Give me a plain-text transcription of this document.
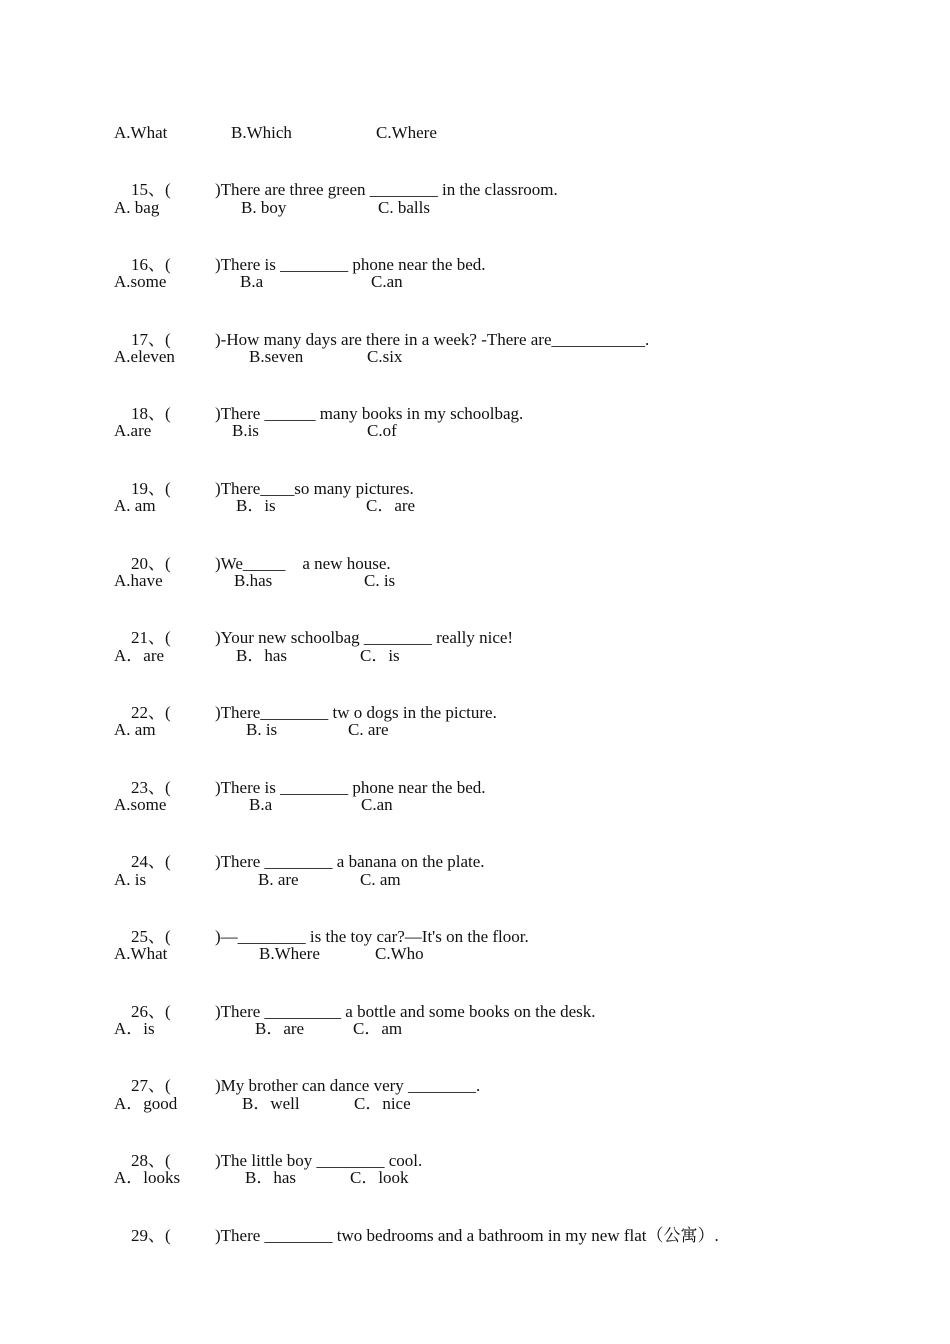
A.What

	B.Which

	C.Where

15、(	)There are three green ________ in the classroom.

A. bag

	B. boy

	C. balls

16、(	)There is ________ phone near the bed.

A.some

	B.a

	C.an

17、(	)-How many days are there in a week? -There are___________.

A.eleven

	B.seven

	C.six

18、(	)There ______ many books in my schoolbag.

A.are

	B.is

	C.of

19、(	)There____so many pictures.

A. am

	B．is

	C．are

20、(	)We_____    a new house.

A.have

	B.has

	C. is

21、(	)Your new schoolbag ________ really nice!

A．are

	B．has

	C．is

22、(	)There________ tw o dogs in the picture.

A. am

	B. is

	C. are

23、(	)There is ________ phone near the bed.

A.some

	B.a

	C.an

24、(	)There ________ a banana on the plate.

A. is

	B. are

	C. am

25、(	)—________ is the toy car?—It's on the floor.

A.What

	B.Where

	C.Who

26、(	)There _________ a bottle and some books on the desk.

A．is

	B．are

	C．am

27、(	)My brother can dance very ________.

A．good

	B．well

	C．nice

28、(	)The little boy ________ cool.

A．looks

	B．has

	C．look

29、(	)There ________ two bedrooms and a bathroom in my new flat（公寓）.
